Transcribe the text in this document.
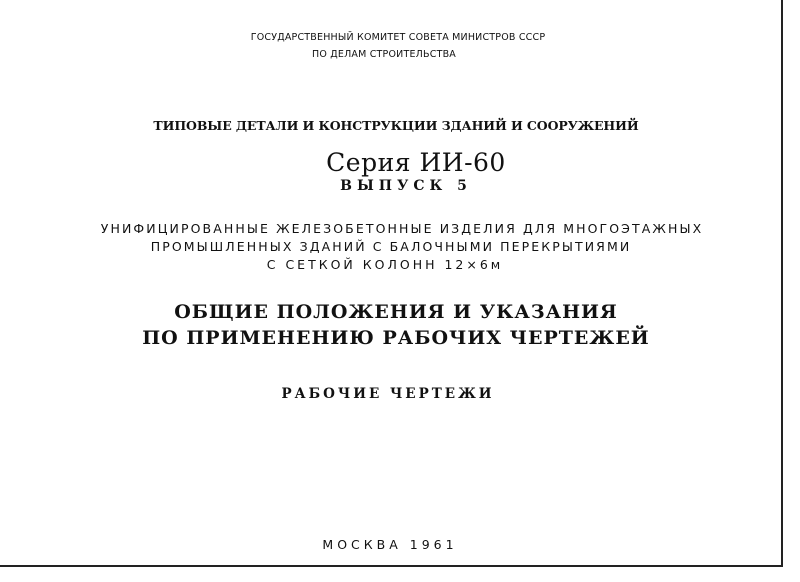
ГОСУДАРСТВЕННЫЙ КОМИТЕТ СОВЕТА МИНИСТРОВ СССР
ПО ДЕЛАМ СТРОИТЕЛЬСТВА
ТИПОВЫЕ ДЕТАЛИ И КОНСТРУКЦИИ ЗДАНИЙ И СООРУЖЕНИЙ
Серия ИИ-60
ВЫПУСК 5
УНИФИЦИРОВАННЫЕ ЖЕЛЕЗОБЕТОННЫЕ ИЗДЕЛИЯ ДЛЯ МНОГОЭТАЖНЫХ
ПРОМЫШЛЕННЫХ ЗДАНИЙ С БАЛОЧНЫМИ ПЕРЕКРЫТИЯМИ
С СЕТКОЙ КОЛОНН 12×6м
ОБЩИЕ ПОЛОЖЕНИЯ И УКАЗАНИЯ
ПО ПРИМЕНЕНИЮ РАБОЧИХ ЧЕРТЕЖЕЙ
РАБОЧИЕ ЧЕРТЕЖИ
МОСКВА 1961
